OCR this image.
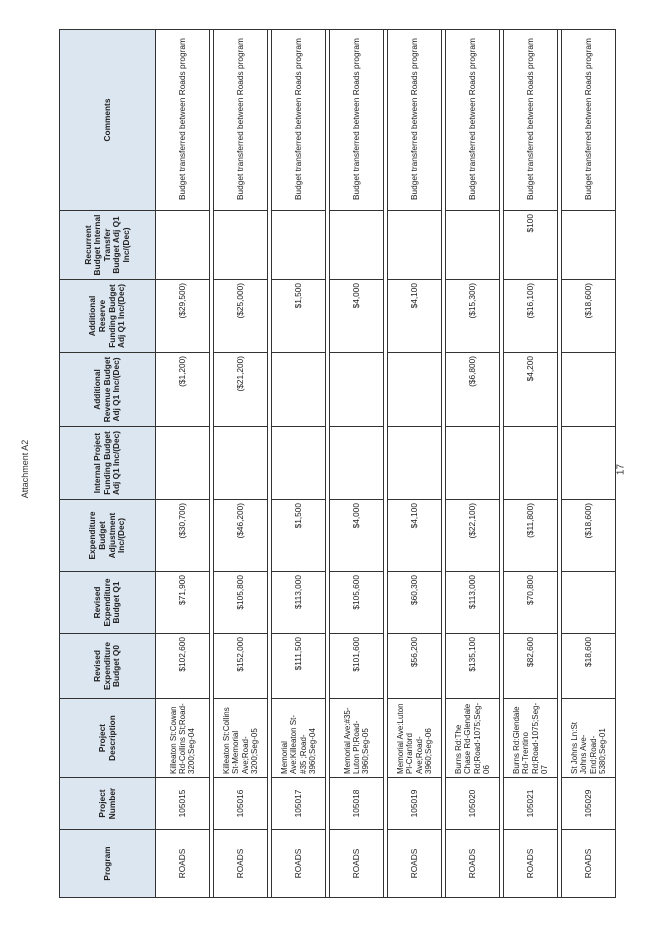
Attachment A2
Program	Project Number	Project Description	Revised Expenditure Budget Q0	Revised Expenditure Budget Q1	Expenditure Budget Adjustment Inc/(Dec)	Internal Project Funding Budget Adj Q1 Inc/(Dec)	Additional Revenue Budget Adj Q1 Inc/(Dec)	Additional Reserve Funding Budget Adj Q1 Inc/(Dec)	Recurrent Budget Internal Transfer Budget Adj Q1 Inc/(Dec)	Comments
ROADS	105015	Killeaton St:Cowan Rd-Collins St;Road-3200;Seg-04	$102,600	$71,900	($30,700)		($1,200)	($29,500)		Budget transferred between Roads program

ROADS	105016	Killeaton St:Collins St-Memorial Ave;Road-3200;Seg-05	$152,000	$105,800	($46,200)		($21,200)	($25,000)		Budget transferred between Roads program

ROADS	105017	Memorial Ave:Killeaton St-#35 ;Road-3960;Seg-04	$111,500	$113,000	$1,500			$1,500		Budget transferred between Roads program

ROADS	105018	Memorial Ave:#35-Luton Pl;Road-3960;Seg-05	$101,600	$105,600	$4,000			$4,000		Budget transferred between Roads program

ROADS	105019	Memorial Ave:Luton Pl-Cranford Ave;Road-3960;Seg-06	$56,200	$60,300	$4,100			$4,100		Budget transferred between Roads program

ROADS	105020	Burns Rd:The Chase Rd-Glendale Rd;Road-1075;Seg-06	$135,100	$113,000	($22,100)		($6,800)	($15,300)		Budget transferred between Roads program

ROADS	105021	Burns Rd:Glendale Rd-Trentino Rd;Road-1075;Seg-07	$82,600	$70,800	($11,800)		$4,200	($16,100)	$100	Budget transferred between Roads program

ROADS	105029	St Johns Ln:St Johns Ave-End;Road-5380;Seg-01	$18,600		($18,600)			($18,600)		Budget transferred between Roads program
17
